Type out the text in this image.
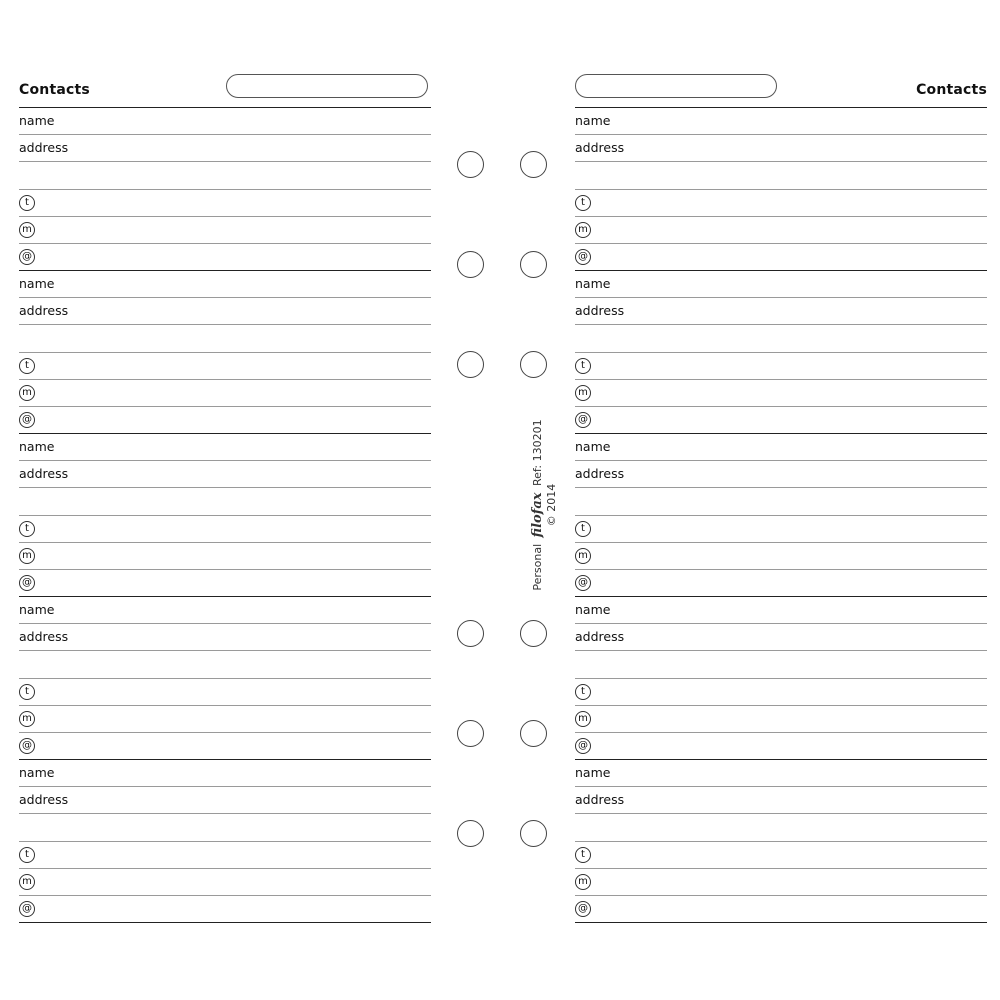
Contacts
name
address
t
m
@
name
address
t
m
@
name
address
t
m
@
name
address
t
m
@
name
address
t
m
@
Contacts
name
address
t
m
@
name
address
t
m
@
name
address
t
m
@
name
address
t
m
@
name
address
t
m
@
Personal filofax Ref: 130201
© 2014
